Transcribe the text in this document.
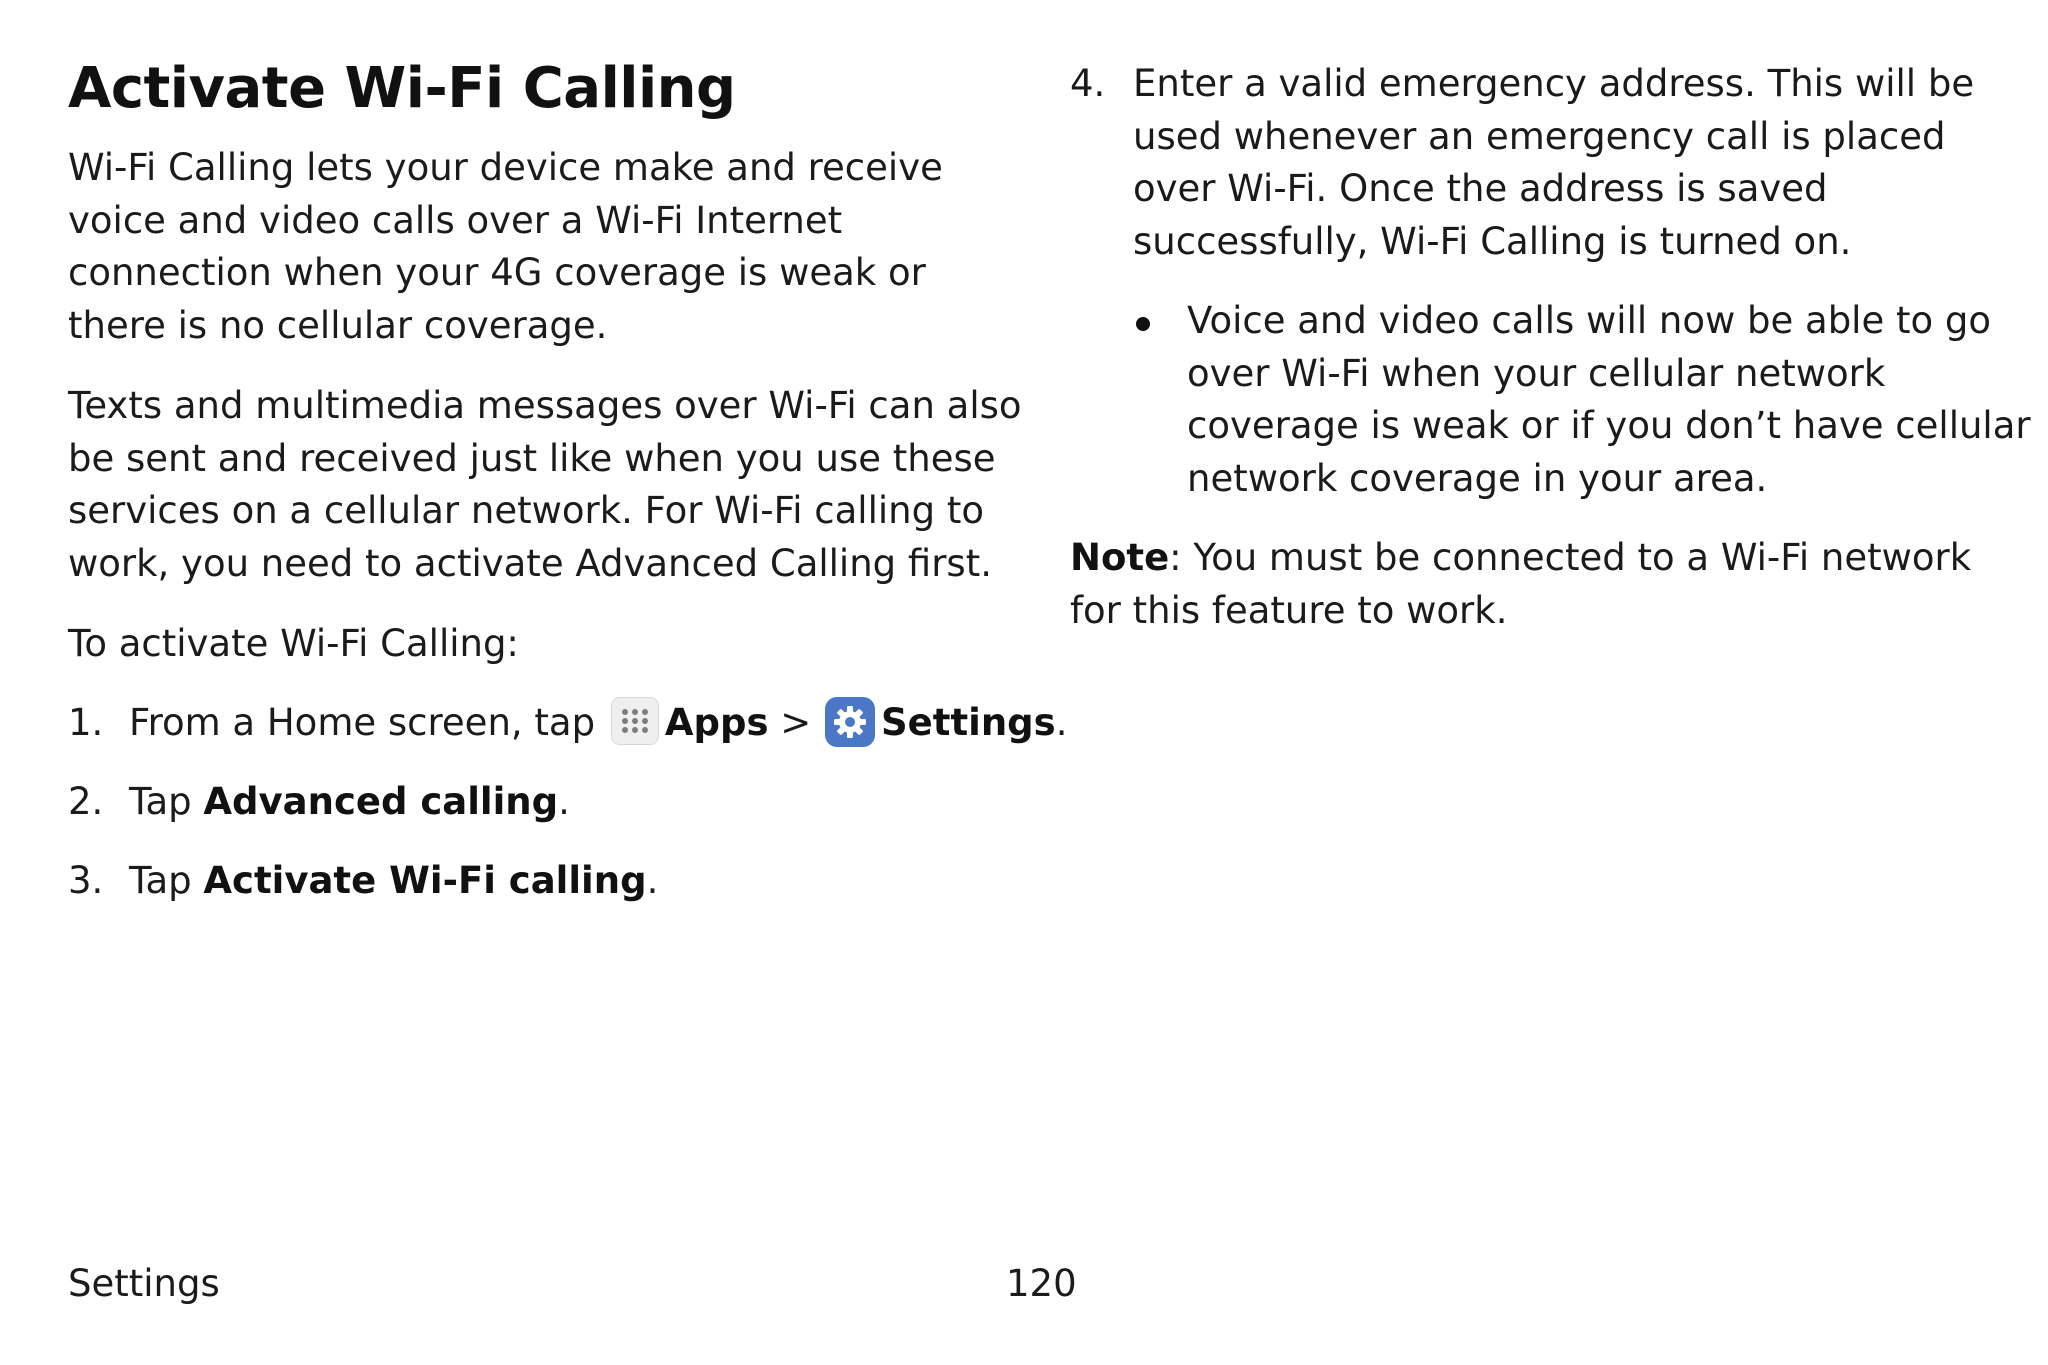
Activate Wi-Fi Calling

Wi-Fi Calling lets your device make and receive voice and video calls over a Wi-Fi Internet connection when your 4G coverage is weak or there is no cellular coverage.

Texts and multimedia messages over Wi-Fi can also be sent and received just like when you use these services on a cellular network. For Wi-Fi calling to work, you need to activate Advanced Calling first.

To activate Wi-Fi Calling:

1. From a Home screen, tap Apps > Settings.
2. Tap Advanced calling.
3. Tap Activate Wi-Fi calling.
4. Enter a valid emergency address. This will be used whenever an emergency call is placed over Wi-Fi. Once the address is saved successfully, Wi-Fi Calling is turned on.
Voice and video calls will now be able to go over Wi-Fi when your cellular network coverage is weak or if you don’t have cellular network coverage in your area.

Note: You must be connected to a Wi-Fi network for this feature to work.

Settings	120
